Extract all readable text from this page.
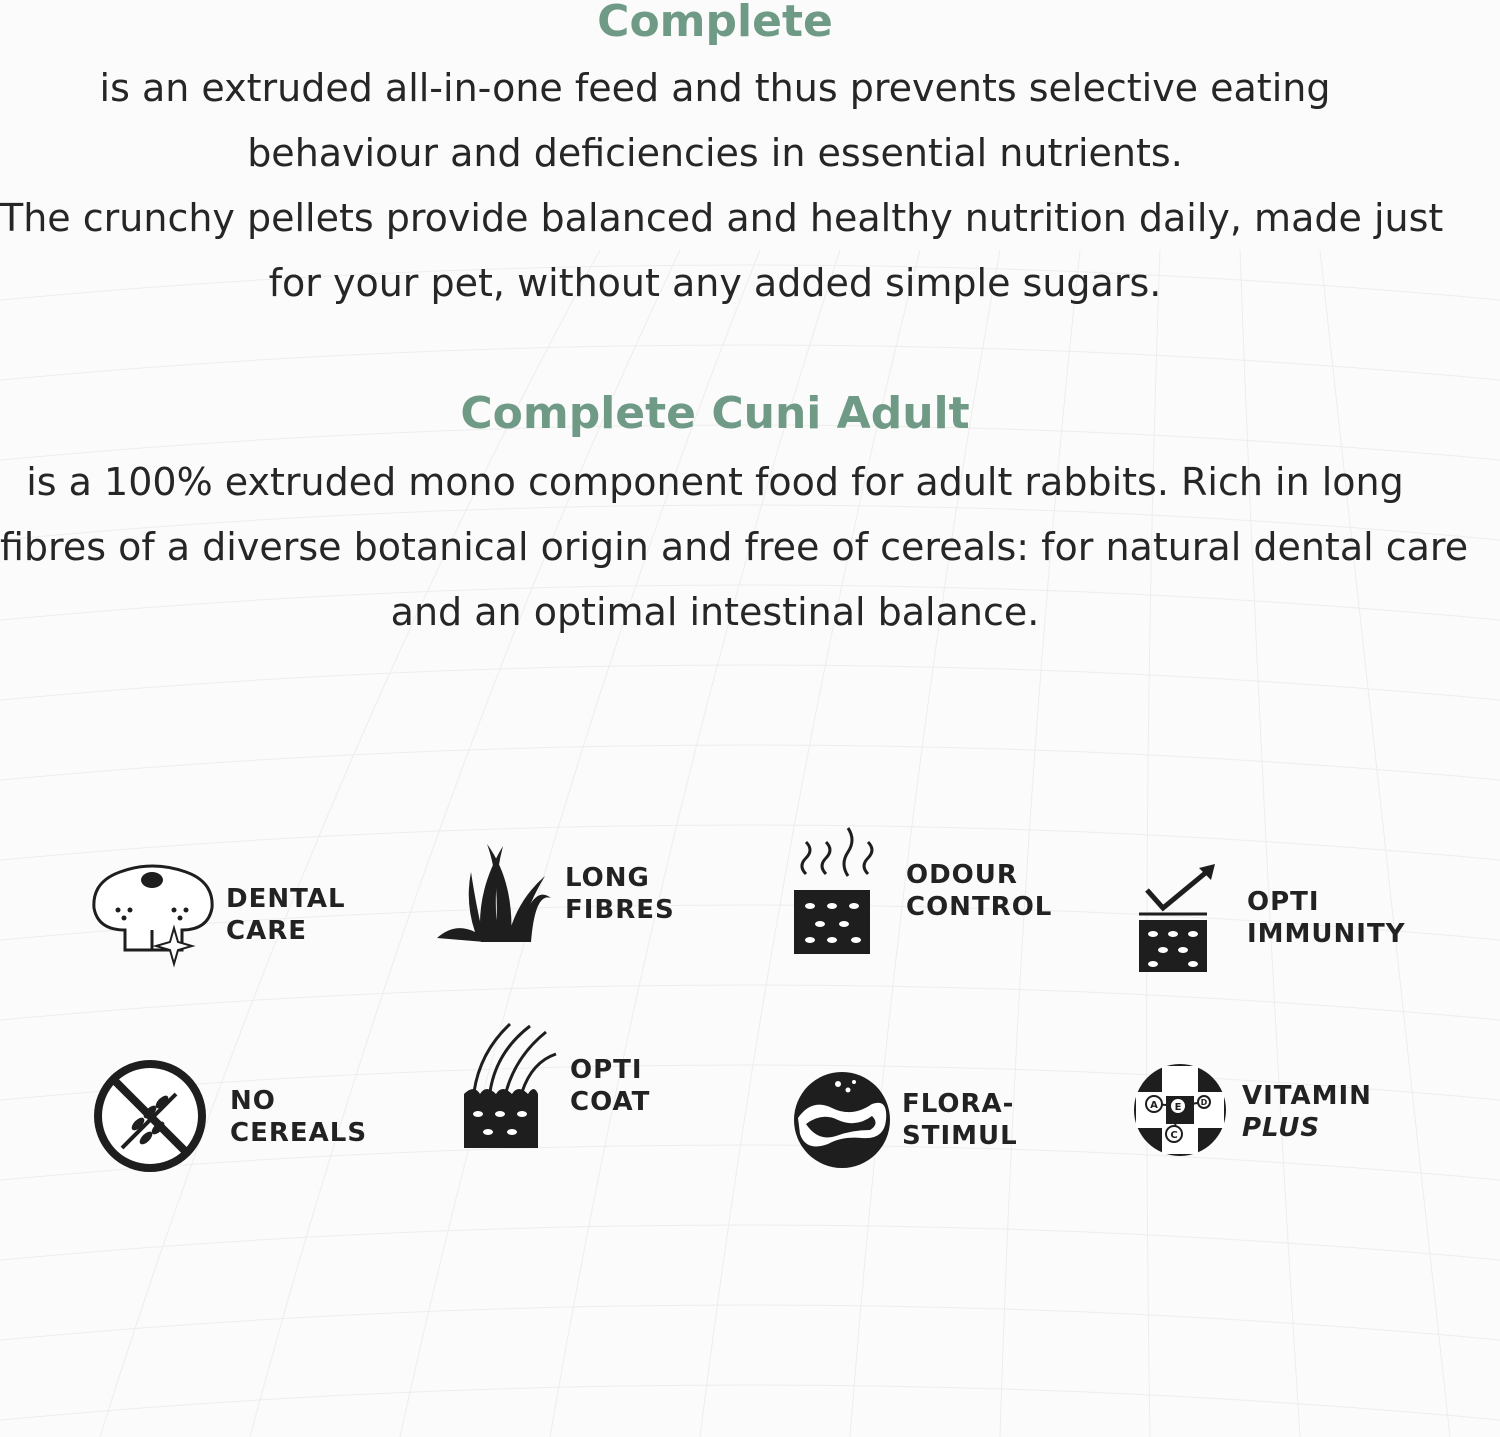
Complete

is an extruded all-in-one feed and thus prevents selective eating
behaviour and deficiencies in essential nutrients.
The crunchy pellets provide balanced and healthy nutrition daily, made just
for your pet, without any added simple sugars.

Complete Cuni Adult

is a 100% extruded mono component food for adult rabbits. Rich in long
fibres of a diverse botanical origin and free of cereals: for natural dental care
and an optimal intestinal balance.

DENTAL
CARE
LONG
FIBRES
ODOUR
CONTROL	OPTI
IMMUNITY
NO
CEREALS
OPTI
COAT	FLORA-
STIMUL
A E D
C
VITAMIN
PLUS
